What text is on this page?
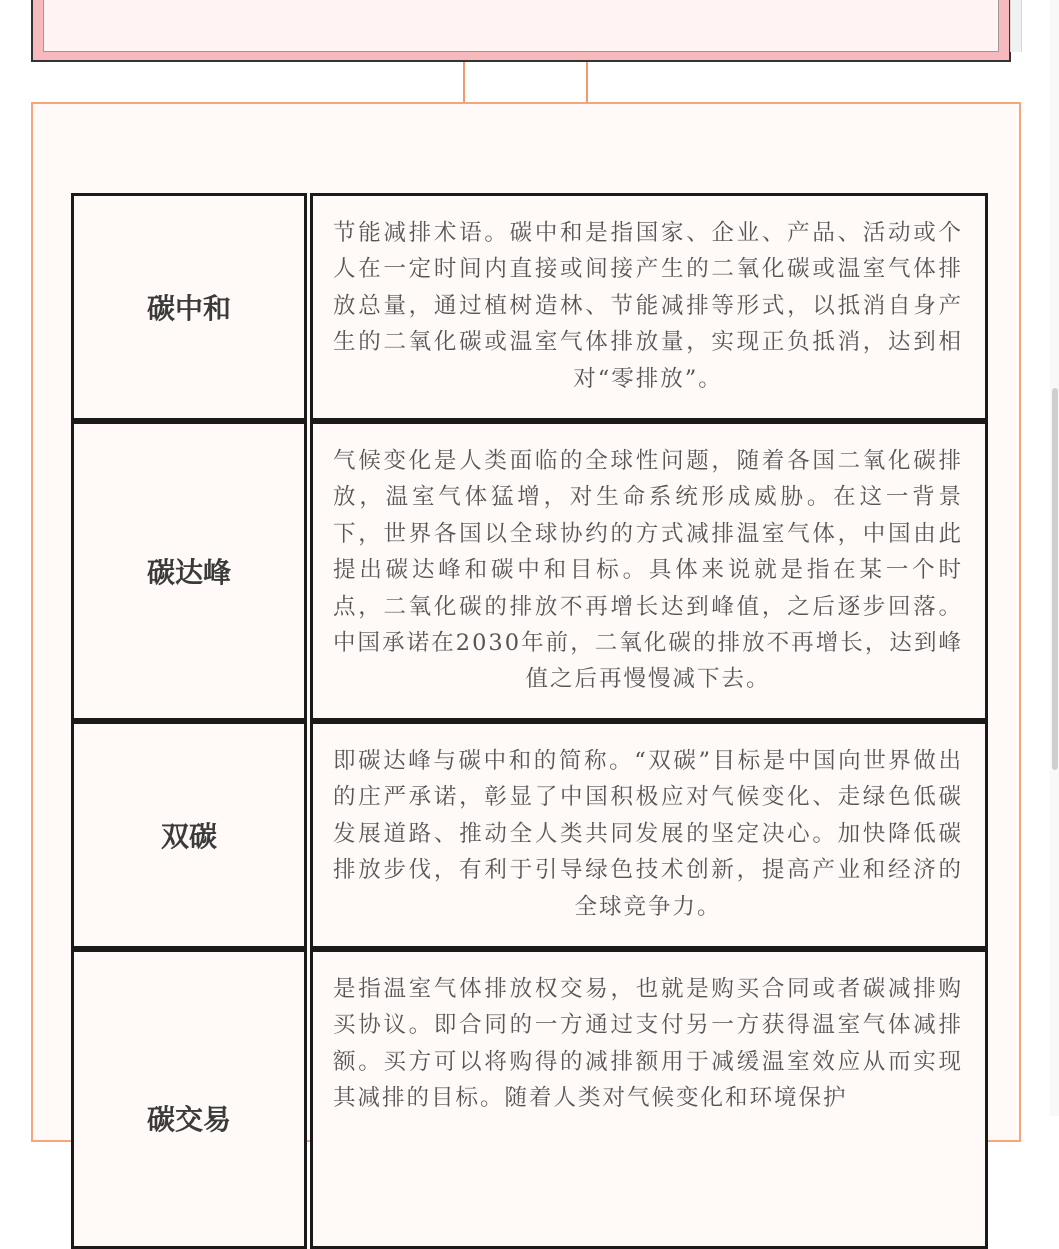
碳中和

节能减排术语。碳中和是指国家、企业、产品、活动或个人在一定时间内直接或间接产生的二氧化碳或温室气体排放总量，通过植树造林、节能减排等形式，以抵消自身产生的二氧化碳或温室气体排放量，实现正负抵消，达到相对“零排放”。

碳达峰

气候变化是人类面临的全球性问题，随着各国二氧化碳排放，温室气体猛增，对生命系统形成威胁。在这一背景下，世界各国以全球协约的方式减排温室气体，中国由此提出碳达峰和碳中和目标。具体来说就是指在某一个时点，二氧化碳的排放不再增长达到峰值，之后逐步回落。中国承诺在2030年前，二氧化碳的排放不再增长，达到峰值之后再慢慢减下去。

双碳

即碳达峰与碳中和的简称。“双碳”目标是中国向世界做出的庄严承诺，彰显了中国积极应对气候变化、走绿色低碳发展道路、推动全人类共同发展的坚定决心。加快降低碳排放步伐，有利于引导绿色技术创新，提高产业和经济的全球竞争力。

碳交易

是指温室气体排放权交易，也就是购买合同或者碳减排购买协议。即合同的一方通过支付另一方获得温室气体减排额。买方可以将购得的减排额用于减缓温室效应从而实现其减排的目标。随着人类对气候变化和环境保护
